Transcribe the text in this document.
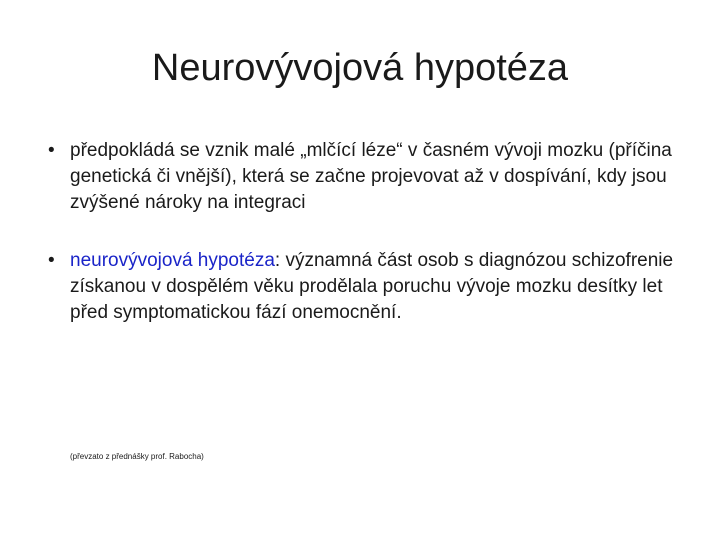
Neurovývojová hypotéza
• předpokládá se vznik malé „mlčící léze“ v časném vývoji mozku (příčina genetická či vnější), která se začne projevovat až v dospívání, kdy jsou zvýšené nároky na integraci
• neurovývojová hypotéza: významná část osob s diagnózou schizofrenie získanou v dospělém věku prodělala poruchu vývoje mozku desítky let před symptomatickou fází onemocnění.
(převzato z přednášky prof. Rabocha)
